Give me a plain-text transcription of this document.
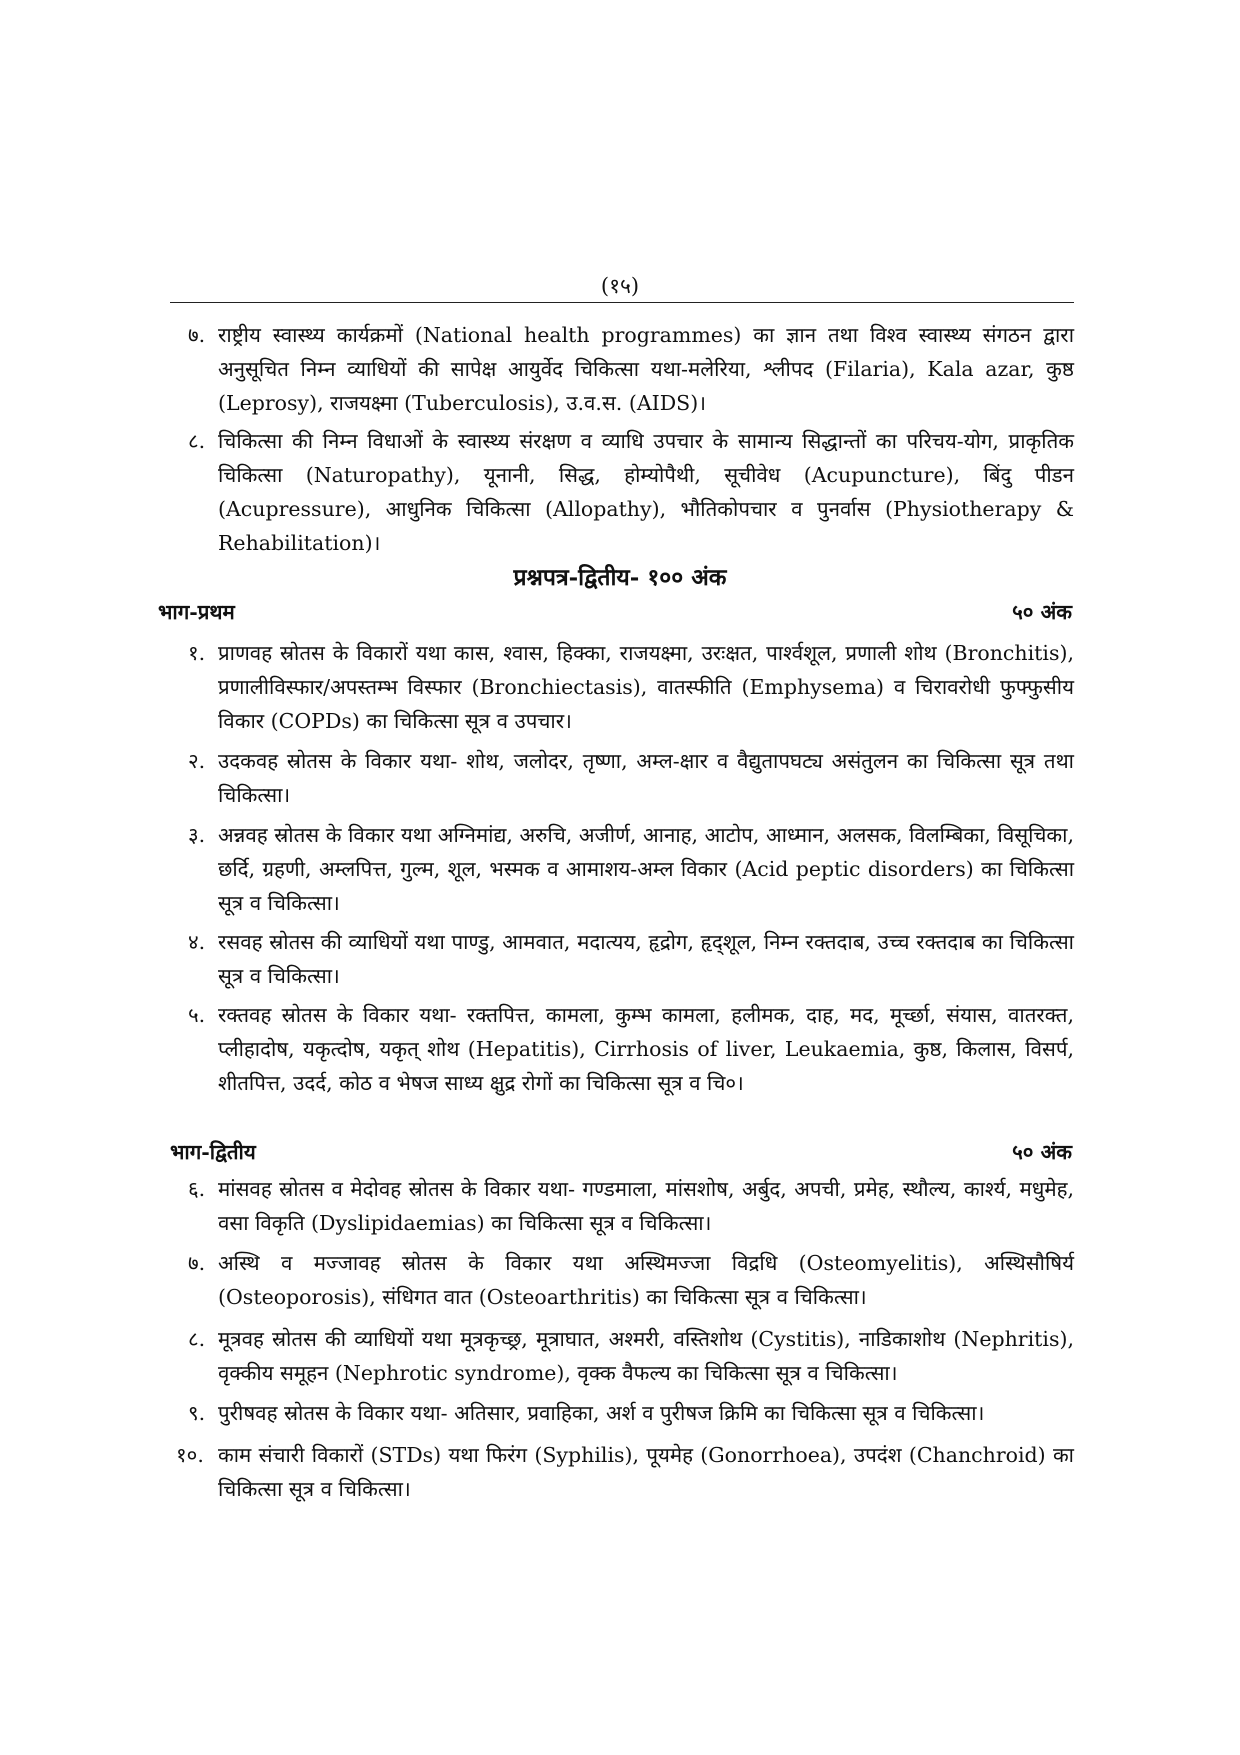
(१५)
७. राष्ट्रीय स्वास्थ्य कार्यक्रमों (National health programmes) का ज्ञान तथा विश्व स्वास्थ्य संगठन द्वारा अनुसूचित निम्न व्याधियों की सापेक्ष आयुर्वेद चिकित्सा यथा-मलेरिया, श्लीपद (Filaria), Kala azar, कुष्ठ (Leprosy), राजयक्ष्मा (Tuberculosis), उ.व.स. (AIDS)।
८. चिकित्सा की निम्न विधाओं के स्वास्थ्य संरक्षण व व्याधि उपचार के सामान्य सिद्धान्तों का परिचय-योग, प्राकृतिक चिकित्सा (Naturopathy), यूनानी, सिद्ध, होम्योपैथी, सूचीवेध (Acupuncture), बिंदु पीडन (Acupressure), आधुनिक चिकित्सा (Allopathy), भौतिकोपचार व पुनर्वास (Physiotherapy & Rehabilitation)।
प्रश्नपत्र-द्वितीय- १०० अंक
भाग-प्रथम	५० अंक
१. प्राणवह स्रोतस के विकारों यथा कास, श्वास, हिक्का, राजयक्ष्मा, उरःक्षत, पार्श्वशूल, प्रणाली शोथ (Bronchitis), प्रणालीविस्फार/अपस्तम्भ विस्फार (Bronchiectasis), वातस्फीति (Emphysema) व चिरावरोधी फुफ्फुसीय विकार (COPDs) का चिकित्सा सूत्र व उपचार।
२. उदकवह स्रोतस के विकार यथा- शोथ, जलोदर, तृष्णा, अम्ल-क्षार व वैद्युतापघट्य असंतुलन का चिकित्सा सूत्र तथा चिकित्सा।
३. अन्नवह स्रोतस के विकार यथा अग्निमांद्य, अरुचि, अजीर्ण, आनाह, आटोप, आध्मान, अलसक, विलम्बिका, विसूचिका, छर्दि, ग्रहणी, अम्लपित्त, गुल्म, शूल, भस्मक व आमाशय-अम्ल विकार (Acid peptic disorders) का चिकित्सा सूत्र व चिकित्सा।
४. रसवह स्रोतस की व्याधियों यथा पाण्डु, आमवात, मदात्यय, हृद्रोग, हृद्शूल, निम्न रक्तदाब, उच्च रक्तदाब का चिकित्सा सूत्र व चिकित्सा।
५. रक्तवह स्रोतस के विकार यथा- रक्तपित्त, कामला, कुम्भ कामला, हलीमक, दाह, मद, मूर्च्छा, संयास, वातरक्त, प्लीहादोष, यकृत्दोष, यकृत् शोथ (Hepatitis), Cirrhosis of liver, Leukaemia, कुष्ठ, किलास, विसर्प, शीतपित्त, उदर्द, कोठ व भेषज साध्य क्षुद्र रोगों का चिकित्सा सूत्र व चि०।
भाग-द्वितीय	५० अंक
६. मांसवह स्रोतस व मेदोवह स्रोतस के विकार यथा- गण्डमाला, मांसशोष, अर्बुद, अपची, प्रमेह, स्थौल्य, कार्श्य, मधुमेह, वसा विकृति (Dyslipidaemias) का चिकित्सा सूत्र व चिकित्सा।
७. अस्थि व मज्जावह स्रोतस के विकार यथा अस्थिमज्जा विद्रधि (Osteomyelitis), अस्थिसौषिर्य (Osteoporosis), संधिगत वात (Osteoarthritis) का चिकित्सा सूत्र व चिकित्सा।
८. मूत्रवह स्रोतस की व्याधियों यथा मूत्रकृच्छ्र, मूत्राघात, अश्मरी, वस्तिशोथ (Cystitis), नाडिकाशोथ (Nephritis), वृक्कीय समूहन (Nephrotic syndrome), वृक्क वैफल्य का चिकित्सा सूत्र व चिकित्सा।
९. पुरीषवह स्रोतस के विकार यथा- अतिसार, प्रवाहिका, अर्श व पुरीषज क्रिमि का चिकित्सा सूत्र व चिकित्सा।
१०. काम संचारी विकारों (STDs) यथा फिरंग (Syphilis), पूयमेह (Gonorrhoea), उपदंश (Chanchroid) का चिकित्सा सूत्र व चिकित्सा।
